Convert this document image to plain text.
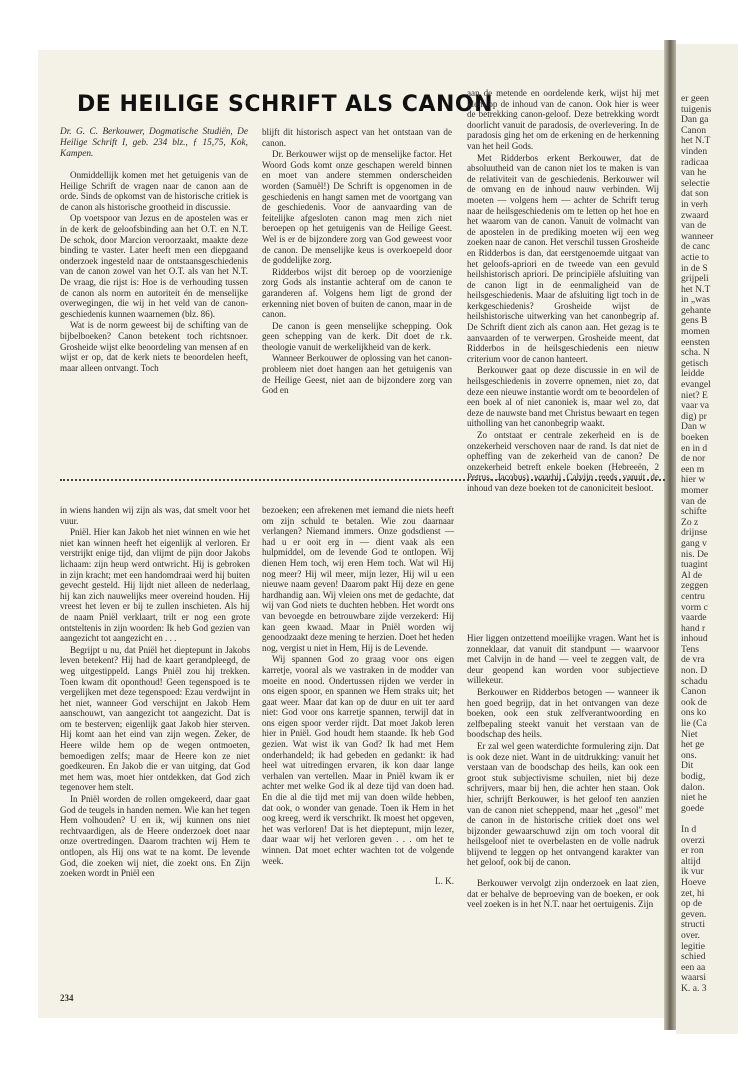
er geen
tuigenis
Dan ga
Canon
het N.T
vinden
radicaa
van he
selectie
dat son
in verh
zwaard
van de
wanneer
de canc
actie to
in de S
grijpeli
het N.T
in „was
gehante
gens B
momen
eensten
scha. N
getisch
leidde
evangel
niet? E
vaar va
dig) pr
Dan w
boeken
en in d
de nor
een m
hier w
momer
van de
schifte
Zo z
drijnse
gang v
nis. De
tuagint
Al de
zeggen
centru
vorm c
vaarde
hand r
inhoud
Tens
de vra
non. D
schadu
Canon
ook de
ons ko
lie (Ca
Niet
het ge
ons.
Dit
bodig,
dalon.
niet he
goede
In d
overzi
er ron
altijd
ik vur
Hoeve
zet, hi
op de
geven.
structi
over.
legitie
schied
een aa
waarsi
K. a. 3
DE HEILIGE SCHRIFT ALS CANON

Dr. G. C. Berkouwer, Dogmatische Studiën, De Heilige Schrift I, geb. 234 blz., ƒ 15,75, Kok, Kampen.

Onmiddellijk komen met het getuigenis van de Heilige Schrift de vragen naar de canon aan de orde. Sinds de opkomst van de historische critiek is de canon als historische grootheid in discussie.

Op voetspoor van Jezus en de apostelen was er in de kerk de geloofsbinding aan het O.T. en N.T. De schok, door Marcion veroorzaakt, maakte deze binding te vaster. Later heeft men een diepgaand onderzoek ingesteld naar de ontstaansgeschiedenis van de canon zowel van het O.T. als van het N.T. De vraag, die rijst is: Hoe is de verhouding tussen de canon als norm en autoriteit én de menselijke overwegingen, die wij in het veld van de canon-geschiedenis kunnen waarnemen (blz. 86).

Wat is de norm geweest bij de schifting van de bijbelboeken? Canon betekent toch richtsnoer. Grosheide wijst elke beoordeling van mensen af en wijst er op, dat de kerk niets te beoordelen heeft, maar alleen ontvangt. Toch

blijft dit historisch aspect van het ontstaan van de canon.

Dr. Berkouwer wijst op de menselijke factor. Het Woord Gods komt onze geschapen wereld binnen en moet van andere stemmen onderscheiden worden (Samuël!) De Schrift is opgenomen in de geschiedenis en hangt samen met de voortgang van de geschiedenis. Voor de aanvaarding van de feitelijke afgesloten canon mag men zich niet beroepen op het getuigenis van de Heilige Geest. Wel is er de bijzondere zorg van God geweest voor de canon. De menselijke keus is overkoepeld door de goddelijke zorg.

Ridderbos wijst dit beroep op de voorzienige zorg Gods als instantie achteraf om de canon te garanderen af. Volgens hem ligt de grond der erkenning niet boven of buiten de canon, maar in de canon.

De canon is geen menselijke schepping. Ook geen schepping van de kerk. Dit doet de r.k. theologie vanuit de werkelijkheid van de kerk.

Wanneer Berkouwer de oplossing van het canon-probleem niet doet hangen aan het getuigenis van de Heilige Geest, niet aan de bijzondere zorg van God en

aan de metende en oordelende kerk, wijst hij met klem op de inhoud van de canon. Ook hier is weer de betrekking canon-geloof. Deze betrekking wordt doorlicht vanuit de paradosis, de overlevering. In de paradosis ging het om de erkening en de herkenning van het heil Gods.

Met Ridderbos erkent Berkouwer, dat de absoluutheid van de canon niet los te maken is van de relativiteit van de geschiedenis. Berkouwer wil de omvang en de inhoud nauw verbinden. Wij moeten — volgens hem — achter de Schrift terug naar de heilsgeschiedenis om te letten op het hoe en het waarom van de canon. Vanuit de volmacht van de apostelen in de prediking moeten wij een weg zoeken naar de canon. Het verschil tussen Grosheide en Ridderbos is dan, dat eerstgenoemde uitgaat van het geloofs-apriori en de tweede van een gevuld heilshistorisch apriori. De principiële afsluiting van de canon ligt in de eenmaligheid van de heilsgeschiedenis. Maar de afsluiting ligt toch in de kerkgeschiedenis? Grosheide wijst de heilshistorische uitwerking van het canonbegrip af. De Schrift dient zich als canon aan. Het gezag is te aanvaarden of te verwerpen. Grosheide meent, dat Ridderbos in de heilsgeschiedenis een nieuw criterium voor de canon hanteert.

Berkouwer gaat op deze discussie in en wil de heilsgeschiedenis in zoverre opnemen, niet zo, dat deze een nieuwe instantie wordt om te beoordelen of een boek al of niet canoniek is, maar wel zo, dat deze de nauwste band met Christus bewaart en tegen uitholling van het canonbegrip waakt.

Zo ontstaat er centrale zekerheid en is de onzekerheid verschoven naar de rand. Is dat niet de opheffing van de zekerheid van de canon? De onzekerheid betreft enkele boeken (Hebreeën, 2 Petrus, Jacobus) waarbij Calvijn reeds vanuit de inhoud van deze boeken tot de canoniciteit besloot.

in wiens handen wij zijn als was, dat smelt voor het vuur.

Pniël. Hier kan Jakob het niet winnen en wie het niet kan winnen heeft het eigenlijk al verloren. Er verstrijkt enige tijd, dan vlijmt de pijn door Jakobs lichaam: zijn heup werd ontwricht. Hij is gebroken in zijn kracht; met een handomdraai werd hij buiten gevecht gesteld. Hij lijdt niet alleen de nederlaag, hij kan zich nauwelijks meer overeind houden. Hij vreest het leven er bij te zullen inschieten. Als hij de naam Pniël verklaart, trilt er nog een grote ontsteltenis in zijn woorden: Ik heb God gezien van aangezicht tot aangezicht en . . .

Begrijpt u nu, dat Pniël het dieptepunt in Jakobs leven betekent? Hij had de kaart gerandpleegd, de weg uitgestippeld. Langs Pniël zou hij trekken. Toen kwam dit oponthoud! Geen tegenspoed is te vergelijken met deze tegenspoed: Ezau verdwijnt in het niet, wanneer God verschijnt en Jakob Hem aanschouwt, van aangezicht tot aangezicht. Dat is om te besterven; eigenlijk gaat Jakob hier sterven. Hij komt aan het eind van zijn wegen. Zeker, de Heere wilde hem op de wegen ontmoeten, bemoedigen zelfs; maar de Heere kon ze niet goedkeuren. En Jakob die er van uitging, dat God met hem was, moet hier ontdekken, dat God zich tegenover hem stelt.

In Pniël worden de rollen omgekeerd, daar gaat God de teugels in handen nemen. Wie kan het tegen Hem volhouden? U en ik, wij kunnen ons niet rechtvaardigen, als de Heere onderzoek doet naar onze overtredingen. Daarom trachten wij Hem te ontlopen, als Hij ons wat te na komt. De levende God, die zoeken wij niet, die zoekt ons. En Zijn zoeken wordt in Pniël een

bezoeken; een afrekenen met iemand die niets heeft om zijn schuld te betalen. Wie zou daarnaar verlangen? Niemand immers. Onze godsdienst — had u er ooit erg in — dient vaak als een hulpmiddel, om de levende God te ontlopen. Wij dienen Hem toch, wij eren Hem toch. Wat wil Hij nog meer? Hij wil meer, mijn lezer, Hij wil u een nieuwe naam geven! Daarom pakt Hij deze en gene hardhandig aan. Wij vleien ons met de gedachte, dat wij van God niets te duchten hebben. Het wordt ons van bevoegde en betrouwbare zijde verzekerd: Hij kan geen kwaad. Maar in Pniël worden wij genoodzaakt deze mening te herzien. Doet het heden nog, vergist u niet in Hem, Hij is de Levende.

Wij spannen God zo graag voor ons eigen karretje, vooral als we vastraken in de modder van moeite en nood. Ondertussen rijden we verder in ons eigen spoor, en spannen we Hem straks uit; het gaat weer. Maar dat kan op de duur en uit ter aard niet: God voor ons karretje spannen, terwijl dat in ons eigen spoor verder rijdt. Dat moet Jakob leren hier in Pniël. God houdt hem staande. Ik heb God gezien. Wat wist ik van God? Ik had met Hem onderhandeld; ik had gebeden en gedankt: ik had heel wat uitredingen ervaren, ik kon daar lange verhalen van vertellen. Maar in Pniël kwam ik er achter met welke God ik al deze tijd van doen had. En die al die tijd met mij van doen wilde hebben, dat ook, o wonder van genade. Toen ik Hem in het oog kreeg, werd ik verschrikt. Ik moest het opgeven, het was verloren! Dat is het dieptepunt, mijn lezer, daar waar wij het verloren geven . . . om het te winnen. Dat moet echter wachten tot de volgende week.

L. K.

Hier liggen ontzettend moeilijke vragen. Want het is zonneklaar, dat vanuit dit standpunt — waarvoor met Calvijn in de hand — veel te zeggen valt, de deur geopend kan worden voor subjectieve willekeur.

Berkouwer en Ridderbos betogen — wanneer ik hen goed begrijp, dat in het ontvangen van deze boeken, ook een stuk zelfverantwoording en zelfbepaling steekt vanuit het verstaan van de boodschap des heils.

Er zal wel geen waterdichte formulering zijn. Dat is ook deze niet. Want in de uitdrukking: vanuit het verstaan van de boodschap des heils, kan ook een groot stuk subjectivisme schuilen, niet bij deze schrijvers, maar bij hen, die achter hen staan. Ook hier, schrijft Berkouwer, is het geloof ten aanzien van de canon niet scheppend, maar het „gesol" met de canon in de historische critiek doet ons wel bijzonder gewaarschuwd zijn om toch vooral dit heilsgeloof niet te overbelasten en de volle nadruk blijvend te leggen op het ontvangend karakter van het geloof, ook bij de canon.

Berkouwer vervolgt zijn onderzoek en laat zien, dat er behalve de beproeving van de boeken, er ook veel zoeken is in het N.T. naar het oertuigenis. Zijn

234
